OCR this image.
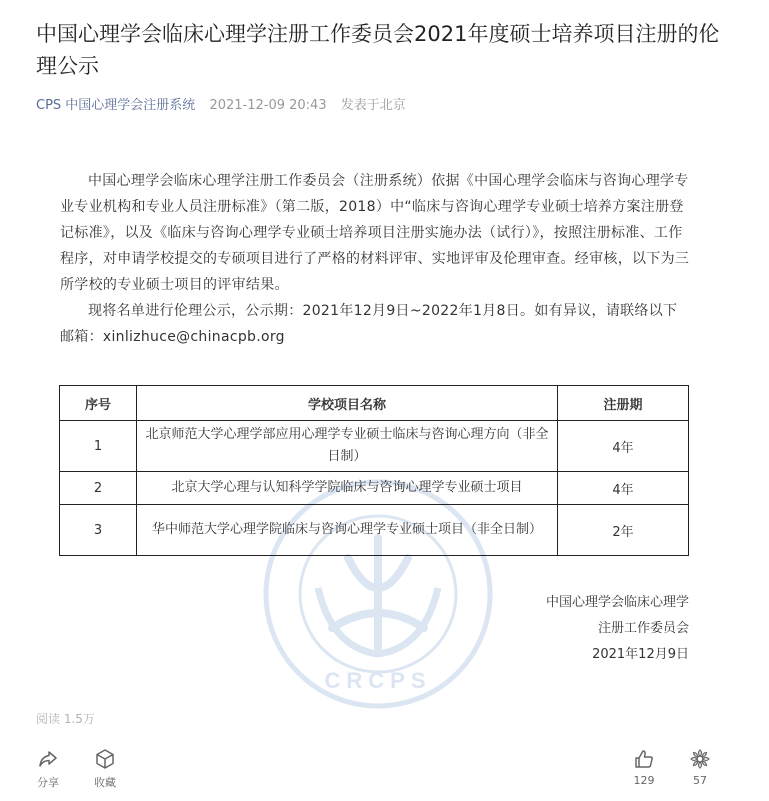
中国心理学会临床心理学注册工作委员会2021年度硕士培养项目注册的伦理公示
CPS 中国心理学会注册系统 2021-12-09 20:43 发表于北京
CRCPS

中国心理学会临床心理学注册工作委员会（注册系统）依据《中国心理学会临床与咨询心理学专业专业机构和专业人员注册标准》（第二版，2018）中“临床与咨询心理学专业硕士培养方案注册登记标准》，以及《临床与咨询心理学专业硕士培养项目注册实施办法（试行）》，按照注册标准、工作程序，对申请学校提交的专硕项目进行了严格的材料评审、实地评审及伦理审查。经审核，以下为三所学校的专业硕士项目的评审结果。

现将名单进行伦理公示，公示期：2021年12月9日~2022年1月8日。如有异议，请联络以下邮箱：xinlizhuce@chinacpb.org

序号	学校项目名称	注册期
1	北京师范大学心理学部应用心理学专业硕士临床与咨询心理方向（非全日制）	4年
2	北京大学心理与认知科学学院临床与咨询心理学专业硕士项目	4年
3	华中师范大学心理学院临床与咨询心理学专业硕士项目（非全日制）	2年
中国心理学会临床心理学
注册工作委员会
2021年12月9日
阅读 1.5万
分享	收藏	129	57
